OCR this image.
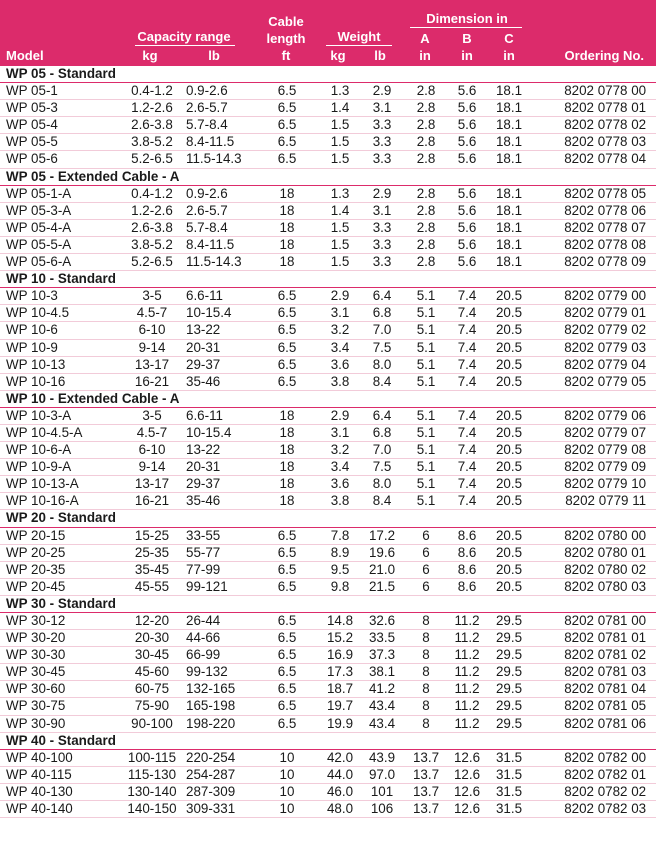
Model
Capacity range
kg	lb
Cable
length
ft
Weight
kg	lb
Dimension in
A	B	C
in	in	in	Ordering No.
WP 05 - Standard									
WP 05-1	0.4-1.2	0.9-2.6	6.5	1.3	2.9	2.8	5.6	18.1	8202 0778 00
WP 05-3	1.2-2.6	2.6-5.7	6.5	1.4	3.1	2.8	5.6	18.1	8202 0778 01
WP 05-4	2.6-3.8	5.7-8.4	6.5	1.5	3.3	2.8	5.6	18.1	8202 0778 02
WP 05-5	3.8-5.2	8.4-11.5	6.5	1.5	3.3	2.8	5.6	18.1	8202 0778 03
WP 05-6	5.2-6.5	11.5-14.3	6.5	1.5	3.3	2.8	5.6	18.1	8202 0778 04
WP 05 - Extended Cable - A									
WP 05-1-A	0.4-1.2	0.9-2.6	18	1.3	2.9	2.8	5.6	18.1	8202 0778 05
WP 05-3-A	1.2-2.6	2.6-5.7	18	1.4	3.1	2.8	5.6	18.1	8202 0778 06
WP 05-4-A	2.6-3.8	5.7-8.4	18	1.5	3.3	2.8	5.6	18.1	8202 0778 07
WP 05-5-A	3.8-5.2	8.4-11.5	18	1.5	3.3	2.8	5.6	18.1	8202 0778 08
WP 05-6-A	5.2-6.5	11.5-14.3	18	1.5	3.3	2.8	5.6	18.1	8202 0778 09
WP 10 - Standard									
WP 10-3	3-5	6.6-11	6.5	2.9	6.4	5.1	7.4	20.5	8202 0779 00
WP 10-4.5	4.5-7	10-15.4	6.5	3.1	6.8	5.1	7.4	20.5	8202 0779 01
WP 10-6	6-10	13-22	6.5	3.2	7.0	5.1	7.4	20.5	8202 0779 02
WP 10-9	9-14	20-31	6.5	3.4	7.5	5.1	7.4	20.5	8202 0779 03
WP 10-13	13-17	29-37	6.5	3.6	8.0	5.1	7.4	20.5	8202 0779 04
WP 10-16	16-21	35-46	6.5	3.8	8.4	5.1	7.4	20.5	8202 0779 05
WP 10 - Extended Cable - A									
WP 10-3-A	3-5	6.6-11	18	2.9	6.4	5.1	7.4	20.5	8202 0779 06
WP 10-4.5-A	4.5-7	10-15.4	18	3.1	6.8	5.1	7.4	20.5	8202 0779 07
WP 10-6-A	6-10	13-22	18	3.2	7.0	5.1	7.4	20.5	8202 0779 08
WP 10-9-A	9-14	20-31	18	3.4	7.5	5.1	7.4	20.5	8202 0779 09
WP 10-13-A	13-17	29-37	18	3.6	8.0	5.1	7.4	20.5	8202 0779 10
WP 10-16-A	16-21	35-46	18	3.8	8.4	5.1	7.4	20.5	8202 0779 11
WP 20 - Standard									
WP 20-15	15-25	33-55	6.5	7.8	17.2	6	8.6	20.5	8202 0780 00
WP 20-25	25-35	55-77	6.5	8.9	19.6	6	8.6	20.5	8202 0780 01
WP 20-35	35-45	77-99	6.5	9.5	21.0	6	8.6	20.5	8202 0780 02
WP 20-45	45-55	99-121	6.5	9.8	21.5	6	8.6	20.5	8202 0780 03
WP 30 - Standard									
WP 30-12	12-20	26-44	6.5	14.8	32.6	8	11.2	29.5	8202 0781 00
WP 30-20	20-30	44-66	6.5	15.2	33.5	8	11.2	29.5	8202 0781 01
WP 30-30	30-45	66-99	6.5	16.9	37.3	8	11.2	29.5	8202 0781 02
WP 30-45	45-60	99-132	6.5	17.3	38.1	8	11.2	29.5	8202 0781 03
WP 30-60	60-75	132-165	6.5	18.7	41.2	8	11.2	29.5	8202 0781 04
WP 30-75	75-90	165-198	6.5	19.7	43.4	8	11.2	29.5	8202 0781 05
WP 30-90	90-100	198-220	6.5	19.9	43.4	8	11.2	29.5	8202 0781 06
WP 40 - Standard									
WP 40-100	100-115	220-254	10	42.0	43.9	13.7	12.6	31.5	8202 0782 00
WP 40-115	115-130	254-287	10	44.0	97.0	13.7	12.6	31.5	8202 0782 01
WP 40-130	130-140	287-309	10	46.0	101	13.7	12.6	31.5	8202 0782 02
WP 40-140	140-150	309-331	10	48.0	106	13.7	12.6	31.5	8202 0782 03
